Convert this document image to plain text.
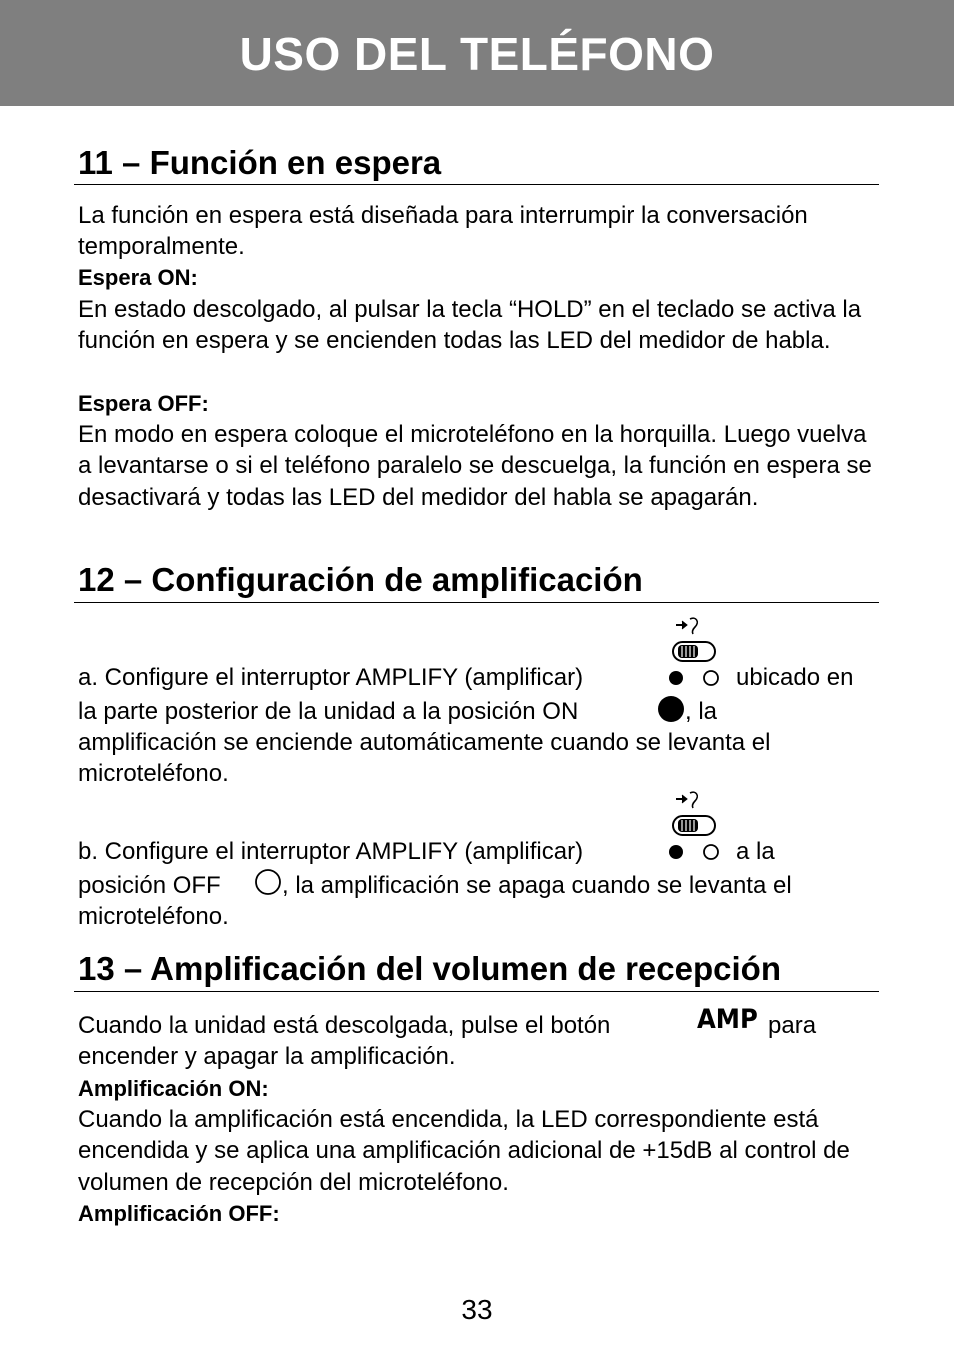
USO DEL TELÉFONO
11 – Función en espera
La función en espera está diseñada para interrumpir la conversación temporalmente.
Espera ON:
En estado descolgado, al pulsar la tecla “HOLD” en el teclado se activa la función en espera y se encienden todas las LED del medidor de habla.
Espera OFF:
En modo en espera coloque el microteléfono en la horquilla. Luego vuelva a levantarse o si el teléfono paralelo se descuelga, la función en espera se desactivará y todas las LED del medidor del habla se apagarán.
12 – Configuración de amplificación
a. Configure el interruptor AMPLIFY (amplificar)	ubicado en
la parte posterior de la unidad a la posición ON	, la
amplificación se enciende automáticamente cuando se levanta el
microteléfono.
b. Configure el interruptor AMPLIFY (amplificar)	a la
posición OFF	, la amplificación se apaga cuando se levanta el
microteléfono.
13 – Amplificación del volumen de recepción
Cuando la unidad está descolgada, pulse el botón	AMP para
encender y apagar la amplificación.
Amplificación ON:
Cuando la amplificación está encendida, la LED correspondiente está encendida y se aplica una amplificación adicional de +15dB al control de volumen de recepción del microteléfono.
Amplificación OFF:
33
